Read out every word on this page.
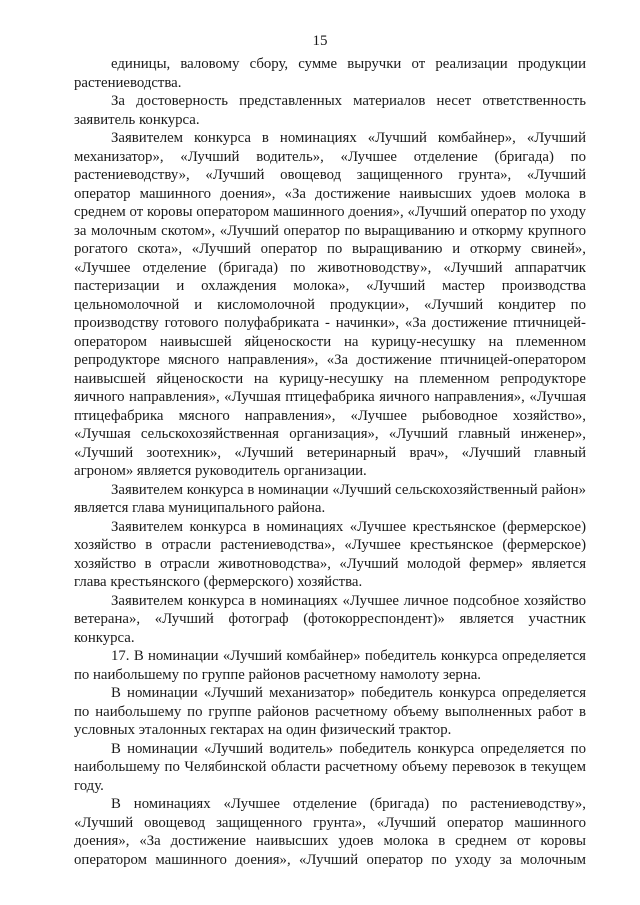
15

единицы, валовому сбору, сумме выручки от реализации продукции растениеводства.

За достоверность представленных материалов несет ответственность заявитель конкурса.

Заявителем конкурса в номинациях «Лучший комбайнер», «Лучший механизатор», «Лучший водитель», «Лучшее отделение (бригада) по растениеводству», «Лучший овощевод защищенного грунта», «Лучший оператор машинного доения», «За достижение наивысших удоев молока в среднем от коровы оператором машинного доения», «Лучший оператор по уходу за молочным скотом», «Лучший оператор по выращиванию и откорму крупного рогатого скота», «Лучший оператор по выращиванию и откорму свиней», «Лучшее отделение (бригада) по животноводству», «Лучший аппаратчик пастеризации и охлаждения молока», «Лучший мастер производства цельномолочной и кисломолочной продукции», «Лучший кондитер по производству готового полуфабриката - начинки», «За достижение птичницей-оператором наивысшей яйценоскости на курицу-несушку на племенном репродукторе мясного направления», «За достижение птичницей-оператором наивысшей яйценоскости на курицу-несушку на племенном репродукторе яичного направления», «Лучшая птицефабрика яичного направления», «Лучшая птицефабрика мясного направления», «Лучшее рыбоводное хозяйство», «Лучшая сельскохозяйственная организация», «Лучший главный инженер», «Лучший зоотехник», «Лучший ветеринарный врач», «Лучший главный агроном» является руководитель организации.

Заявителем конкурса в номинации «Лучший сельскохозяйственный район» является глава муниципального района.

Заявителем конкурса в номинациях «Лучшее крестьянское (фермерское) хозяйство в отрасли растениеводства», «Лучшее крестьянское (фермерское) хозяйство в отрасли животноводства», «Лучший молодой фермер» является глава крестьянского (фермерского) хозяйства.

Заявителем конкурса в номинациях «Лучшее личное подсобное хозяйство ветерана», «Лучший фотограф (фотокорреспондент)» является участник конкурса.

17. В номинации «Лучший комбайнер» победитель конкурса определяется по наибольшему по группе районов расчетному намолоту зерна.

В номинации «Лучший механизатор» победитель конкурса определяется по наибольшему по группе районов расчетному объему выполненных работ в условных эталонных гектарах на один физический трактор.

В номинации «Лучший водитель» победитель конкурса определяется по наибольшему по Челябинской области расчетному объему перевозок в текущем году.

В номинациях «Лучшее отделение (бригада) по растениеводству», «Лучший овощевод защищенного грунта», «Лучший оператор машинного доения», «За достижение наивысших удоев молока в среднем от коровы оператором машинного доения», «Лучший оператор по уходу за молочным
